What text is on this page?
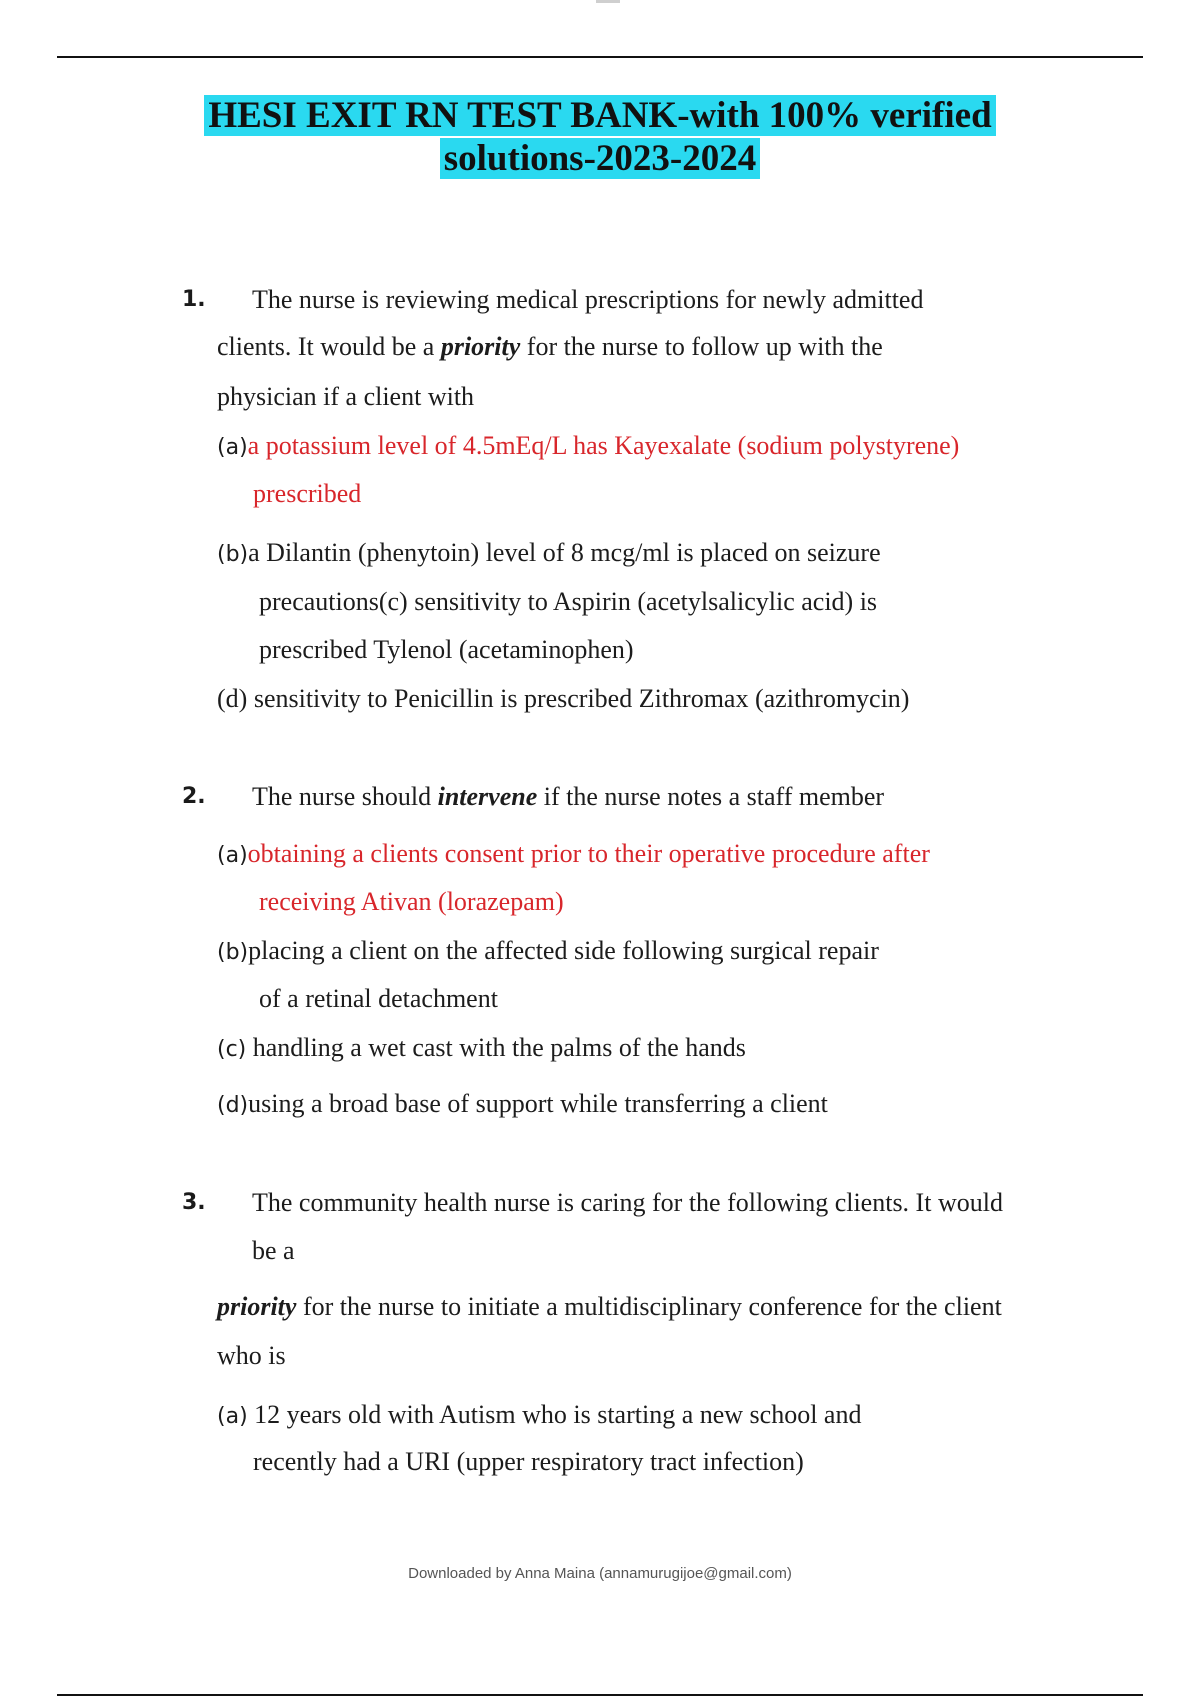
HESI EXIT RN TEST BANK-with 100% verified
solutions-2023-2024
1. The nurse is reviewing medical prescriptions for newly admitted
clients. It would be a priority for the nurse to follow up with the
physician if a client with
(a)a potassium level of 4.5mEq/L has Kayexalate (sodium polystyrene)
prescribed
(b)a Dilantin (phenytoin) level of 8 mcg/ml is placed on seizure
precautions(c) sensitivity to Aspirin (acetylsalicylic acid) is
prescribed Tylenol (acetaminophen)
(d) sensitivity to Penicillin is prescribed Zithromax (azithromycin)
2. The nurse should intervene if the nurse notes a staff member
(a)obtaining a clients consent prior to their operative procedure after
receiving Ativan (lorazepam)
(b)placing a client on the affected side following surgical repair
of a retinal detachment
(c) handling a wet cast with the palms of the hands
(d)using a broad base of support while transferring a client
3. The community health nurse is caring for the following clients. It would
be a
priority for the nurse to initiate a multidisciplinary conference for the client
who is
(a) 12 years old with Autism who is starting a new school and
recently had a URI (upper respiratory tract infection)
Downloaded by Anna Maina (annamurugijoe@gmail.com)
